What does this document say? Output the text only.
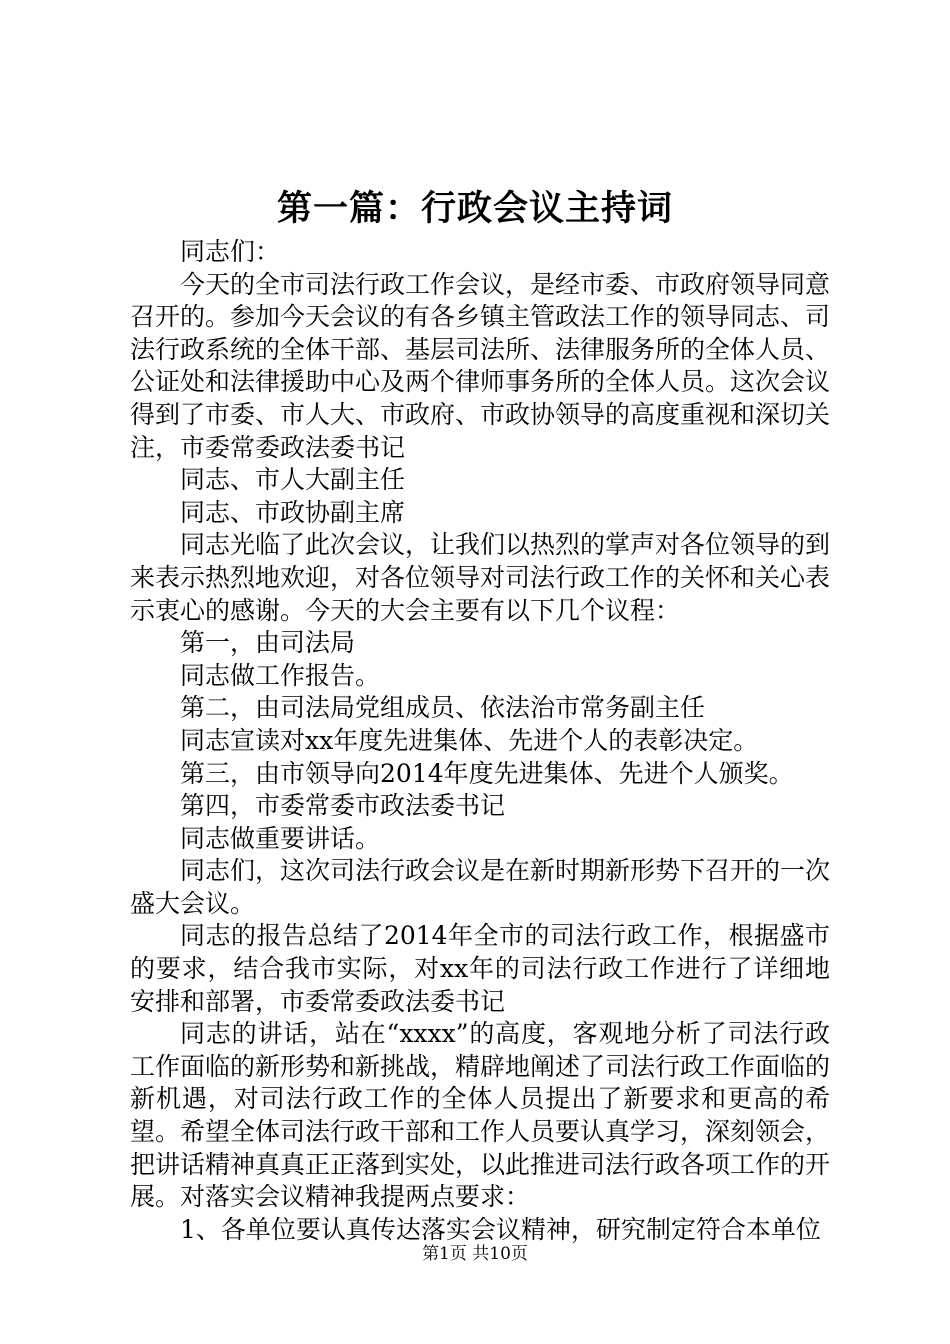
第一篇：行政会议主持词

同志们：

今天的全市司法行政工作会议，是经市委、市政府领导同意召开的。参加今天会议的有各乡镇主管政法工作的领导同志、司法行政系统的全体干部、基层司法所、法律服务所的全体人员、公证处和法律援助中心及两个律师事务所的全体人员。这次会议得到了市委、市人大、市政府、市政协领导的高度重视和深切关注，市委常委政法委书记

同志、市人大副主任

同志、市政协副主席

同志光临了此次会议，让我们以热烈的掌声对各位领导的到来表示热烈地欢迎，对各位领导对司法行政工作的关怀和关心表示衷心的感谢。今天的大会主要有以下几个议程：

第一，由司法局

同志做工作报告。

第二，由司法局党组成员、依法治市常务副主任

同志宣读对xx年度先进集体、先进个人的表彰决定。

第三，由市领导向2014年度先进集体、先进个人颁奖。

第四，市委常委市政法委书记

同志做重要讲话。

同志们，这次司法行政会议是在新时期新形势下召开的一次盛大会议。

同志的报告总结了2014年全市的司法行政工作，根据盛市的要求，结合我市实际，对xx年的司法行政工作进行了详细地安排和部署，市委常委政法委书记

同志的讲话，站在“xxxx”的高度，客观地分析了司法行政工作面临的新形势和新挑战，精辟地阐述了司法行政工作面临的新机遇，对司法行政工作的全体人员提出了新要求和更高的希望。希望全体司法行政干部和工作人员要认真学习，深刻领会，把讲话精神真真正正落到实处，以此推进司法行政各项工作的开展。对落实会议精神我提两点要求：

1、各单位要认真传达落实会议精神，研究制定符合本单位

第1页 共10页
